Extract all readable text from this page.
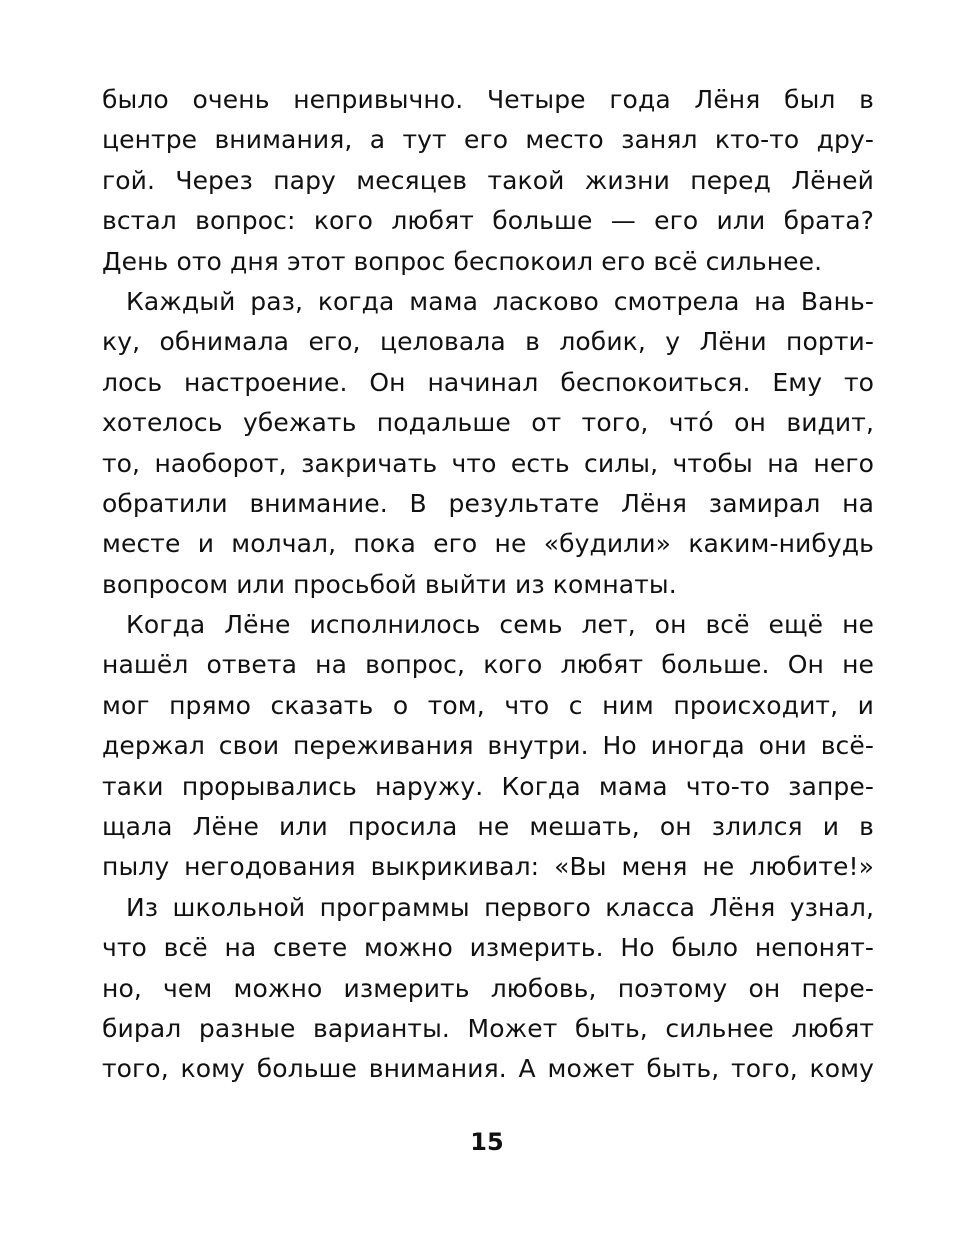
было очень непривычно. Четыре года Лёня был в
центре внимания, а тут его место занял кто-то дру-
гой. Через пару месяцев такой жизни перед Лёней
встал вопрос: кого любят больше — его или брата?
День ото дня этот вопрос беспокоил его всё сильнее.
Каждый раз, когда мама ласково смотрела на Вань-
ку, обнимала его, целовала в лобик, у Лёни порти-
лось настроение. Он начинал беспокоиться. Ему то
хотелось убежать подальше от того, что́ он видит,
то, наоборот, закричать что есть силы, чтобы на него
обратили внимание. В результате Лёня замирал на
месте и молчал, пока его не «будили» каким-нибудь
вопросом или просьбой выйти из комнаты.
Когда Лёне исполнилось семь лет, он всё ещё не
нашёл ответа на вопрос, кого любят больше. Он не
мог прямо сказать о том, что с ним происходит, и
держал свои переживания внутри. Но иногда они всё-
таки прорывались наружу. Когда мама что-то запре-
щала Лёне или просила не мешать, он злился и в
пылу негодования выкрикивал: «Вы меня не любите!»
Из школьной программы первого класса Лёня узнал,
что всё на свете можно измерить. Но было непонят-
но, чем можно измерить любовь, поэтому он пере-
бирал разные варианты. Может быть, сильнее любят
того, кому больше внимания. А может быть, того, кому
15
